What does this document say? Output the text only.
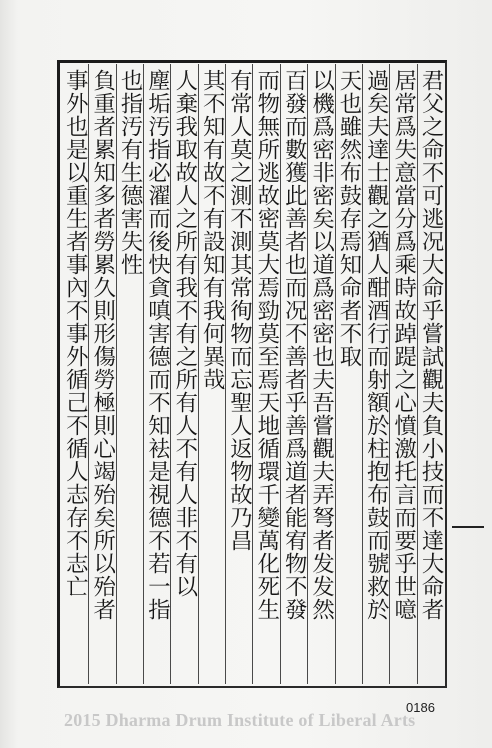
君父之命不可逃况大命乎嘗試觀夫負小技而不達大命者
居常爲失意當分爲乘時故踔踶之心憤激托言而要乎世噫
過矣夫達士觀之猶人酣酒行而射額於柱抱布鼓而號救於
天也雖然布鼓存焉知命者不取
以機爲密非密矣以道爲密密也夫吾嘗觀夫弄弩者发发然
百發而數獲此善者也而况不善者乎善爲道者能宥物不發
而物無所逃故密莫大焉勁莫至焉天地循環千變萬化死生
有常人莫之測不測其常徇物而忘聖人返物故乃昌
其不知有故不有設知有我何異哉
人棄我取故人之所有我不有之所有人不有人非不有以
塵垢汚指必濯而後快貪嗔害德而不知袪是視德不若一指
也指汚有生德害失性
負重者累知多者勞累久則形傷勞極則心竭殆矣所以殆者
事外也是以重生者事內不事外循己不循人志存不志亡
0186
2015 Dharma Drum Institute of Liberal Arts
